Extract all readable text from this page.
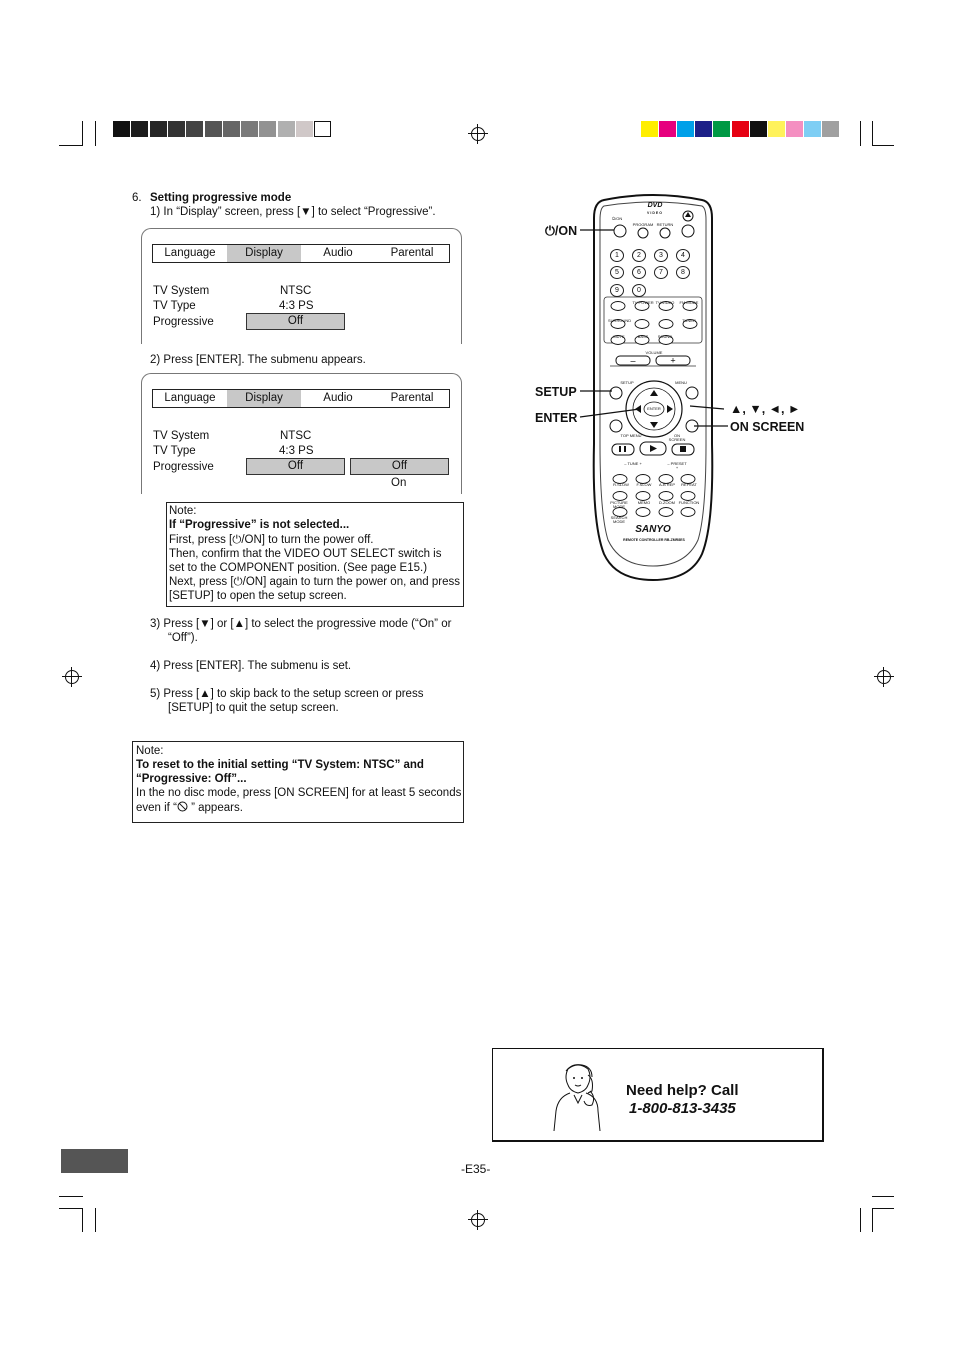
6. Setting progressive mode
1) In “Display” screen, press [▼] to select “Progressive”.
Language	Display	Audio	Parental
TV System	NTSC
TV Type	4:3 PS
Progressive	Off
2) Press [ENTER]. The submenu appears.
Language	Display	Audio	Parental
TV System	NTSC
TV Type	4:3 PS
Progressive	Off	Off
On
Note:
If “Progressive” is not selected...
First, press [⏻/ON] to turn the power off.
Then, confirm that the VIDEO OUT SELECT switch is
set to the COMPONENT position. (See page E15.)
Next, press [⏻/ON] again to turn the power on, and press
[SETUP] to open the setup screen.
3) Press [▼] or [▲] to select the progressive mode (“On” or
“Off”).
4) Press [ENTER]. The submenu is set.
5) Press [▲] to skip back to the setup screen or press
[SETUP] to quit the setup screen.
Note:
To reset to the initial setting “TV System: NTSC” and
“Progressive: Off”...
In the no disc mode, press [ON SCREEN] for at least 5 seconds
even if “ ” appears.
–	+
DVD
VIDEO
⏻/ON
PROGRAM RETURN
1	2	3	4
5	6	7	8
9	0
TV POWER TV/VIDEO	FM MODE
SURROUND	TUNER
MUTE	BASS	SOUND
VOLUME
SETUP	MENU
ENTER
TOP MENU	ON SCREEN
– TUNE +	– PRESET +
R.SLOW	F.SLOW	A-B REP	REPEAT
PICTURE MODE
MEMO	D.ZOOM FUNCTION
SEARCH MODE
SANYO
REMOTE CONTROLLER RB-ZMR8ES
⏻/ON
SETUP
ENTER
▲, ▼, ◄, ►
ON SCREEN
Need help? Call
1-800-813-3435
-E35-
